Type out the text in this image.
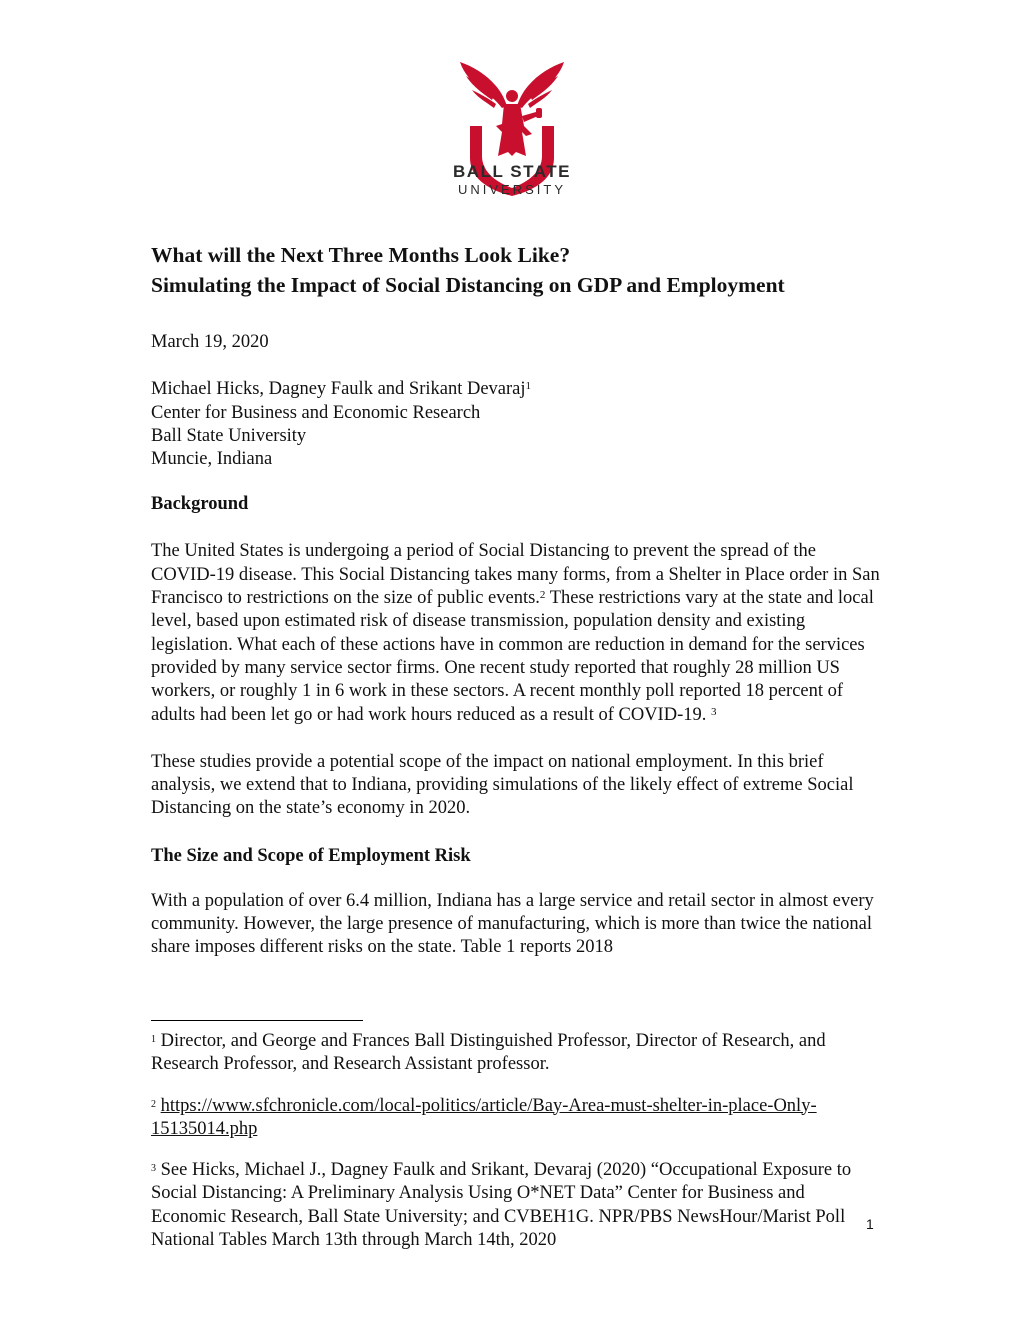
BALL STATE
UNIVERSITY
What will the Next Three Months Look Like?
Simulating the Impact of Social Distancing on GDP and Employment

March 19, 2020

Michael Hicks, Dagney Faulk and Srikant Devaraj$^1$

Center for Business and Economic Research

Ball State University

Muncie, Indiana

Background

The United States is undergoing a period of Social Distancing to prevent the spread of the COVID-19 disease. This Social Distancing takes many forms, from a Shelter in Place order in San Francisco to restrictions on the size of public events.$^2$ These restrictions vary at the state and local level, based upon estimated risk of disease transmission, population density and existing legislation. What each of these actions have in common are reduction in demand for the services provided by many service sector firms. One recent study reported that roughly 28 million US workers, or roughly 1 in 6 work in these sectors. A recent monthly poll reported 18 percent of adults had been let go or had work hours reduced as a result of COVID-19. $^3$

These studies provide a potential scope of the impact on national employment. In this brief analysis, we extend that to Indiana, providing simulations of the likely effect of extreme Social Distancing on the state’s economy in 2020.

The Size and Scope of Employment Risk

With a population of over 6.4 million, Indiana has a large service and retail sector in almost every community. However, the large presence of manufacturing, which is more than twice the national share imposes different risks on the state. Table 1 reports 2018

$^1$ Director, and George and Frances Ball Distinguished Professor, Director of Research, and Research Professor, and Research Assistant professor.

$^2$ https://www.sfchronicle.com/local-politics/article/Bay-Area-must-shelter-in-place-Only-15135014.php

$^3$ See Hicks, Michael J., Dagney Faulk and Srikant, Devaraj (2020) “Occupational Exposure to Social Distancing: A Preliminary Analysis Using O*NET Data” Center for Business and Economic Research, Ball State University; and CVBEH1G. NPR/PBS NewsHour/Marist Poll National Tables March 13th through March 14th, 2020

1
